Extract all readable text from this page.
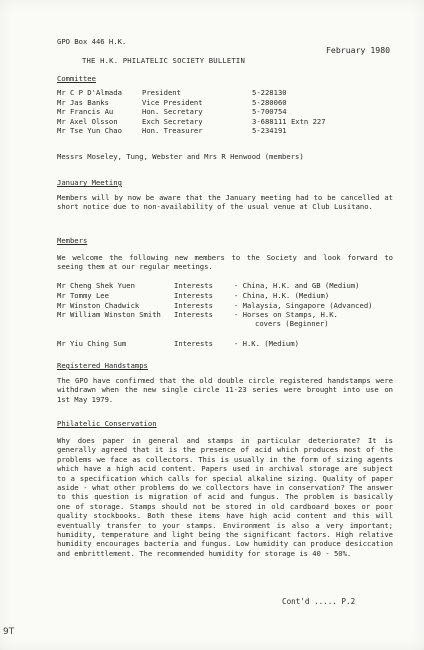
GPO Box 446 H.K.
February 1980
THE H.K. PHILATELIC SOCIETY BULLETIN
Committee
Mr C P D'Almada	President	5-228130
Mr Jas Banks	Vice President	5-280060
Mr Francis Au	Hon. Secretary	5-700754
Mr Axel Olsson	Exch Secretary	3-688111 Extn 227
Mr Tse Yun Chao	Hon. Treasurer	5-234191
Messrs Moseley, Tung, Webster and Mrs R Henwood (members)
January Meeting
Members will by now be aware that the January meeting had to be cancelled at short notice due to non-availability of the usual venue at Club Lusitano.
Members
We welcome the following new members to the Society and look forward to seeing them at our regular meetings.
Mr Cheng Shek Yuen	Interests	- China, H.K. and GB (Medium)
Mr Tommy Lee	Interests	- China, H.K. (Medium)
Mr Winston Chadwick	Interests	- Malaysia, Singapore (Advanced)
Mr William Winston Smith Interests	- Horses on Stamps, H.K.
covers (Beginner)
Mr Yiu Ching Sum	Interests	- H.K. (Medium)
Registered Handstamps
The GPO have confirmed that the old double circle registered handstamps were withdrawn when the new single circle 11-23 series were brought into use on 1st May 1979.
Philatelic Conservation
Why does paper in general and stamps in particular deteriorate? It is generally agreed that it is the presence of acid which produces most of the problems we face as collectors. This is usually in the form of sizing agents which have a high acid content. Papers used in archival storage are subject to a specification which calls for special alkaline sizing. Quality of paper aside - what other problems do we collectors have in conservation? The answer to this question is migration of acid and fungus. The problem is basically one of storage. Stamps should not be stored in old cardboard boxes or poor quality stockbooks. Both these items have high acid content and this will eventually transfer to your stamps. Environment is also a very important; humidity, temperature and light being the significant factors. High relative humidity encourages bacteria and fungus. Low humidity can produce desiccation and embrittlement. The recommended humidity for storage is 40 - 50%.
Cont'd ..... P.2
9T
